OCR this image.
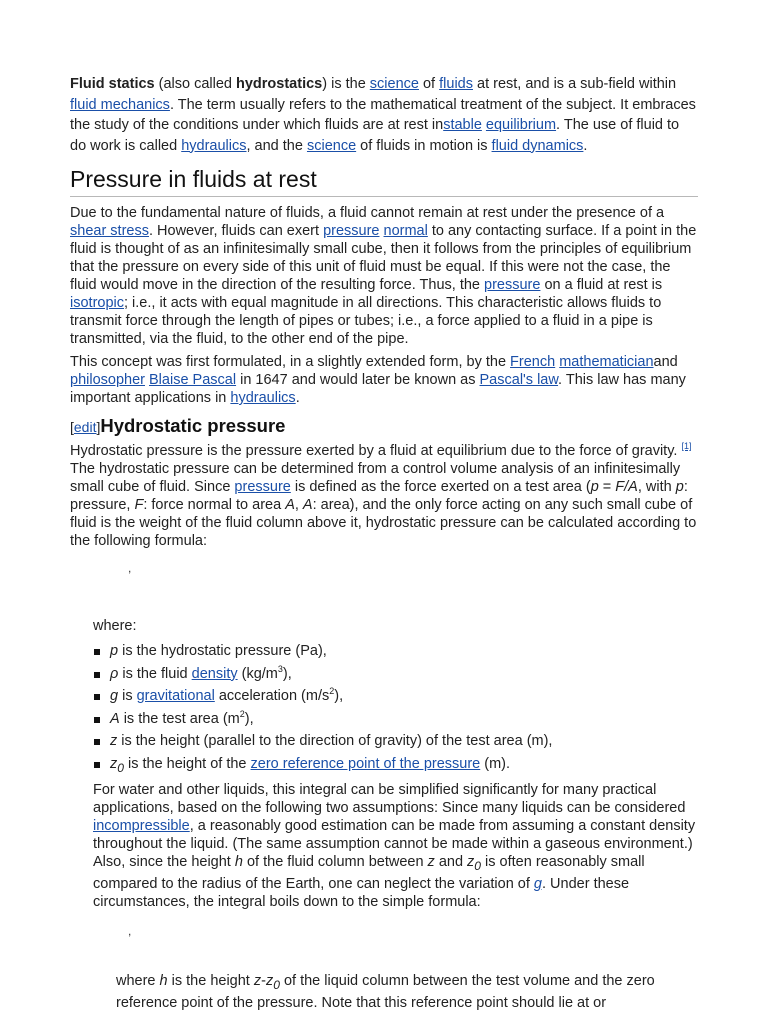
Fluid statics (also called hydrostatics) is the science of fluids at rest, and is a sub-field within fluid mechanics. The term usually refers to the mathematical treatment of the subject. It embraces the study of the conditions under which fluids are at rest instable equilibrium. The use of fluid to do work is called hydraulics, and the science of fluids in motion is fluid dynamics.

Pressure in fluids at rest

Due to the fundamental nature of fluids, a fluid cannot remain at rest under the presence of a shear stress. However, fluids can exert pressure normal to any contacting surface. If a point in the fluid is thought of as an infinitesimally small cube, then it follows from the principles of equilibrium that the pressure on every side of this unit of fluid must be equal. If this were not the case, the fluid would move in the direction of the resulting force. Thus, the pressure on a fluid at rest is isotropic; i.e., it acts with equal magnitude in all directions. This characteristic allows fluids to transmit force through the length of pipes or tubes; i.e., a force applied to a fluid in a pipe is transmitted, via the fluid, to the other end of the pipe.

This concept was first formulated, in a slightly extended form, by the French mathematicianand philosopher Blaise Pascal in 1647 and would later be known as Pascal's law. This law has many important applications in hydraulics.

[edit]Hydrostatic pressure

Hydrostatic pressure is the pressure exerted by a fluid at equilibrium due to the force of gravity. [1] The hydrostatic pressure can be determined from a control volume analysis of an infinitesimally small cube of fluid. Since pressure is defined as the force exerted on a test area (p = F/A, with p: pressure, F: force normal to area A, A: area), and the only force acting on any such small cube of fluid is the weight of the fluid column above it, hydrostatic pressure can be calculated according to the following formula:

,

where:

p is the hydrostatic pressure (Pa),
ρ is the fluid density $(kg/m^3)$,
g is gravitational acceleration $(m/s^2)$,
A is the test area $(m^2)$,
z is the height (parallel to the direction of gravity) of the test area (m),
$z_0$ is the height of the zero reference point of the pressure (m).

For water and other liquids, this integral can be simplified significantly for many practical applications, based on the following two assumptions: Since many liquids can be considered incompressible, a reasonably good estimation can be made from assuming a constant density throughout the liquid. (The same assumption cannot be made within a gaseous environment.) Also, since the height h of the fluid column between z and $z_0$ is often reasonably small compared to the radius of the Earth, one can neglect the variation of g. Under these circumstances, the integral boils down to the simple formula:

,

where h is the height $z-z_0$ of the liquid column between the test volume and the zero reference point of the pressure. Note that this reference point should lie at or
